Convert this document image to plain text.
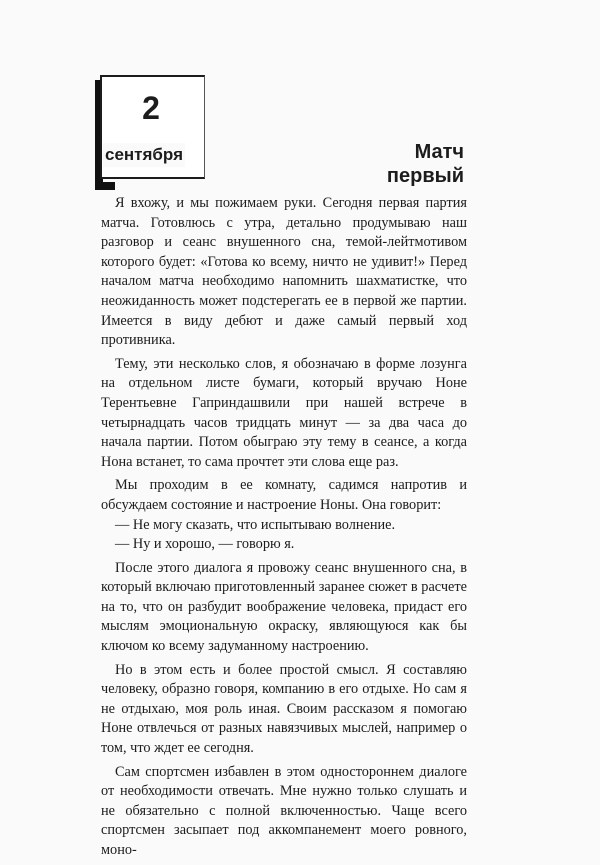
2
сентября	Матч
первый

Я вхожу, и мы пожимаем руки. Сегодня первая партия матча. Готовлюсь с утра, детально продумываю наш разговор и сеанс внушенного сна, темой-лейтмотивом которого будет: «Готова ко всему, ничто не удивит!» Перед началом матча необходимо напомнить шахматистке, что неожиданность может подстерегать ее в первой же партии. Имеется в виду дебют и даже самый первый ход противника.

Тему, эти несколько слов, я обозначаю в форме лозунга на отдельном листе бумаги, который вручаю Ноне Терентьевне Гаприндашвили при нашей встрече в четырнадцать часов тридцать минут — за два часа до начала партии. Потом обыграю эту тему в сеансе, а когда Нона встанет, то сама прочтет эти слова еще раз.

Мы проходим в ее комнату, садимся напротив и обсуждаем состояние и настроение Ноны. Она говорит:

— Не могу сказать, что испытываю волнение.

— Ну и хорошо, — говорю я.

После этого диалога я провожу сеанс внушенного сна, в который включаю приготовленный заранее сюжет в расчете на то, что он разбудит воображение человека, придаст его мыслям эмоциональную окраску, являющуюся как бы ключом ко всему задуманному настроению.

Но в этом есть и более простой смысл. Я составляю человеку, образно говоря, компанию в его отдыхе. Но сам я не отдыхаю, моя роль иная. Своим рассказом я помогаю Ноне отвлечься от разных навязчивых мыслей, например о том, что ждет ее сегодня.

Сам спортсмен избавлен в этом одностороннем диалоге от необходимости отвечать. Мне нужно только слушать и не обязательно с полной включенностью. Чаще всего спортсмен засыпает под аккомпанемент моего ровного, моно-
